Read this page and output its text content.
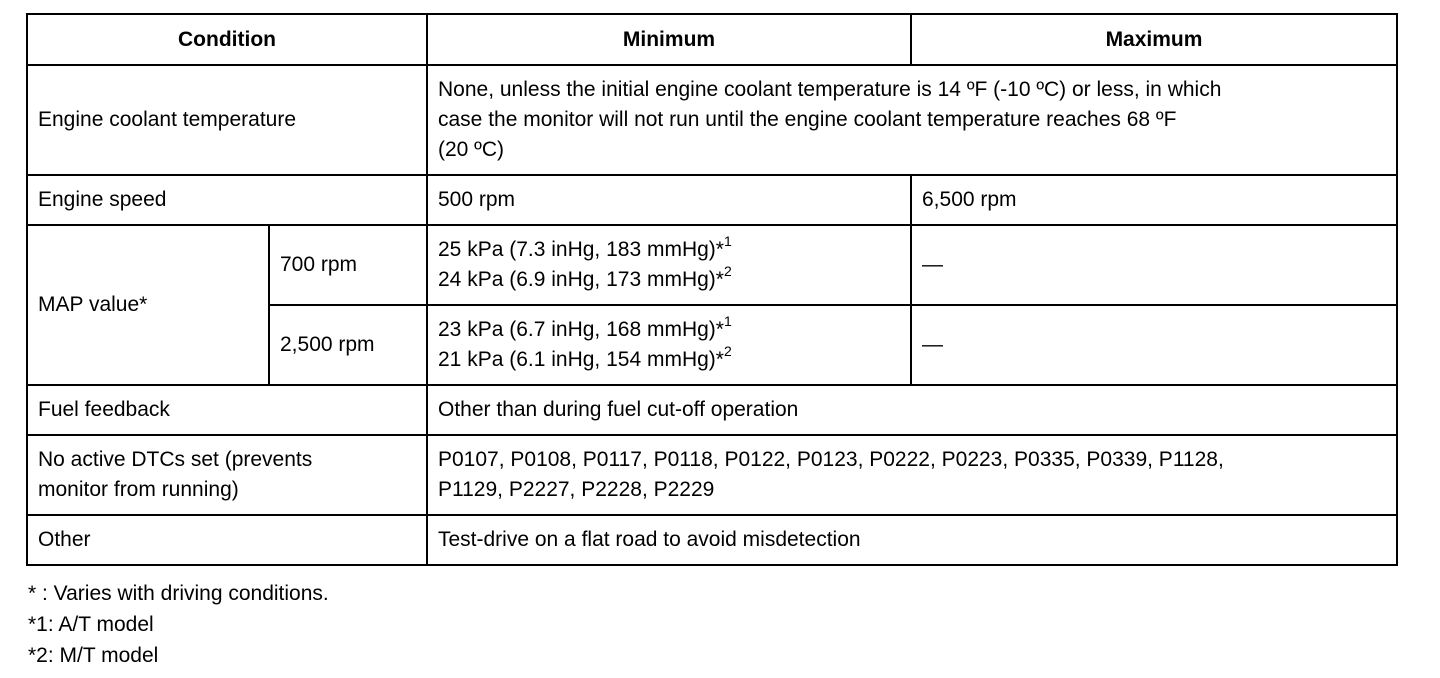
Condition		Minimum	Maximum
Engine coolant temperature		None, unless the initial engine coolant temperature is 14 ºF (-10 ºC) or less, in which
case the monitor will not run until the engine coolant temperature reaches 68 ºF
(20 ºC)	

Engine speed		500 rpm	6,500 rpm
MAP value*	700 rpm	25 kPa (7.3 inHg, 183 mmHg)*$^1$
24 kPa (6.9 inHg, 173 mmHg)*$^2$	—
	2,500 rpm	23 kPa (6.7 inHg, 168 mmHg)*$^1$
21 kPa (6.1 inHg, 154 mmHg)*$^2$	—
Fuel feedback		Other than during fuel cut-off operation	

No active DTCs set (prevents
monitor from running)		P0107, P0108, P0117, P0118, P0122, P0123, P0222, P0223, P0335, P0339, P1128,
P1129, P2227, P2228, P2229	

Other		Test-drive on a flat road to avoid misdetection	
* : Varies with driving conditions.
*1: A/T model
*2: M/T model
